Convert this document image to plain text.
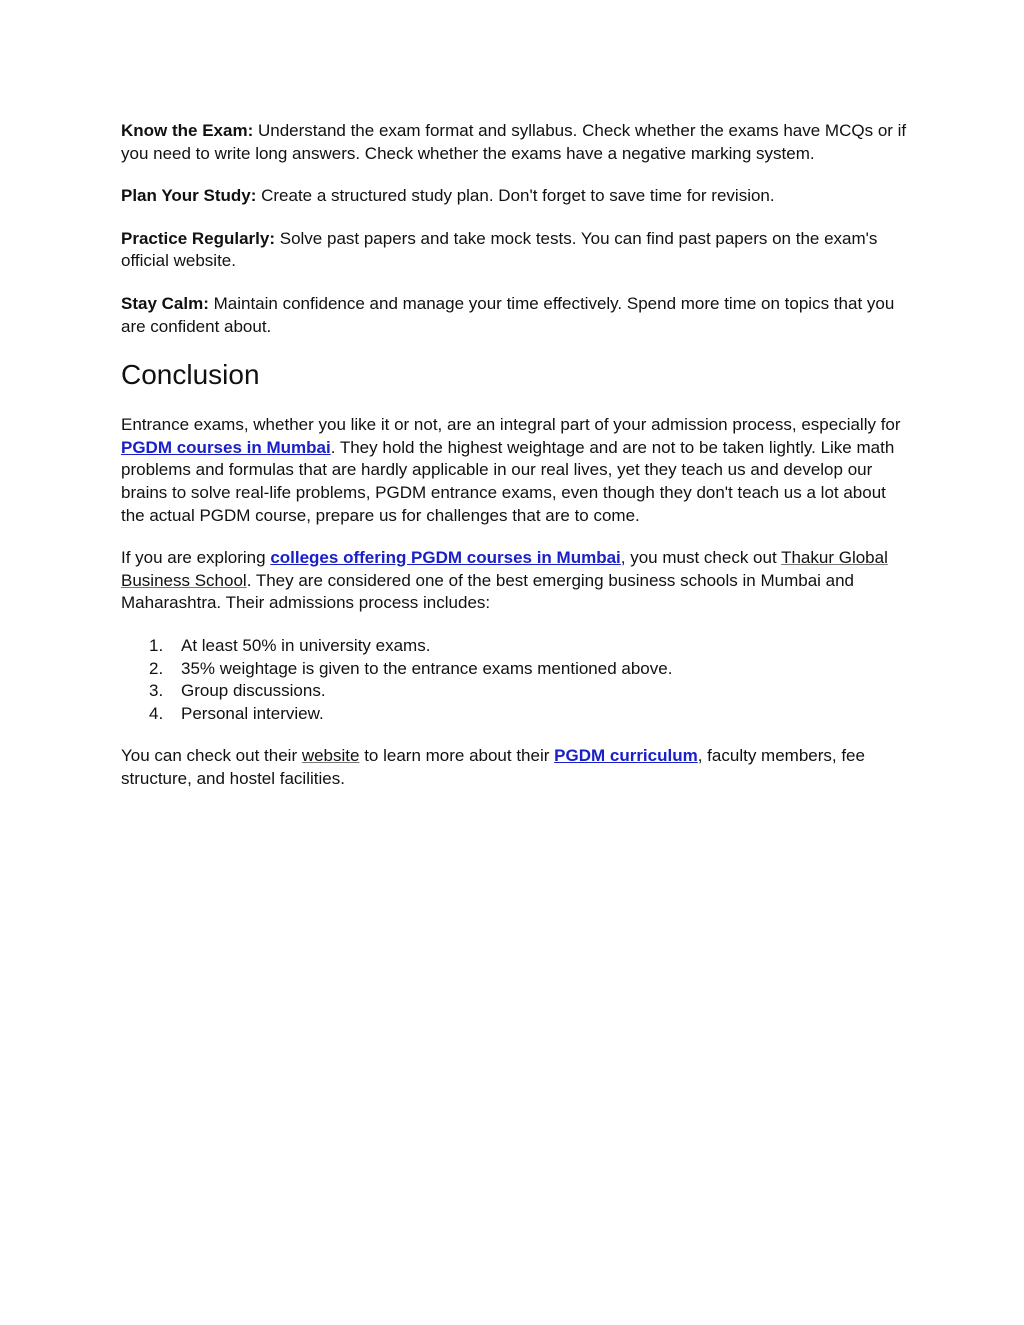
Know the Exam: Understand the exam format and syllabus. Check whether the exams have MCQs or if you need to write long answers. Check whether the exams have a negative marking system.

Plan Your Study: Create a structured study plan. Don't forget to save time for revision.

Practice Regularly: Solve past papers and take mock tests. You can find past papers on the exam's official website.

Stay Calm: Maintain confidence and manage your time effectively. Spend more time on topics that you are confident about.

Conclusion

Entrance exams, whether you like it or not, are an integral part of your admission process, especially for PGDM courses in Mumbai. They hold the highest weightage and are not to be taken lightly. Like math problems and formulas that are hardly applicable in our real lives, yet they teach us and develop our brains to solve real-life problems, PGDM entrance exams, even though they don't teach us a lot about the actual PGDM course, prepare us for challenges that are to come.

If you are exploring colleges offering PGDM courses in Mumbai, you must check out Thakur Global Business School. They are considered one of the best emerging business schools in Mumbai and Maharashtra. Their admissions process includes:

1. At least 50% in university exams.
2. 35% weightage is given to the entrance exams mentioned above.
3. Group discussions.
4. Personal interview.

You can check out their website to learn more about their PGDM curriculum, faculty members, fee structure, and hostel facilities.
